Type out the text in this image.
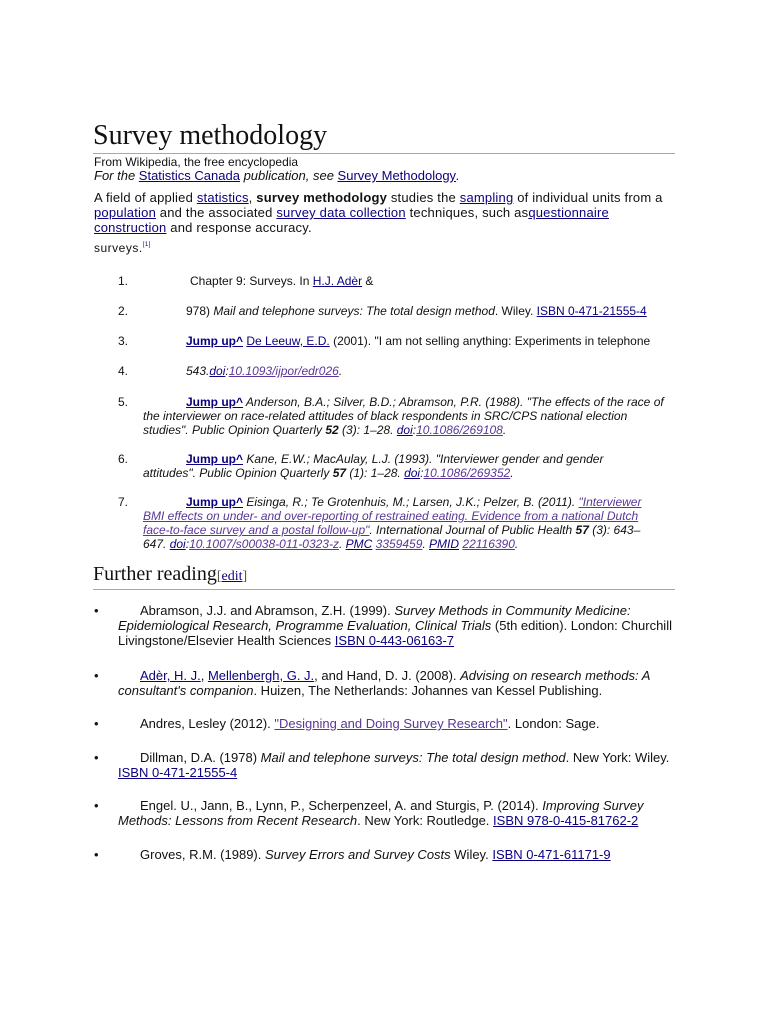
Survey methodology
From Wikipedia, the free encyclopedia
For the Statistics Canada publication, see Survey Methodology.
A field of applied statistics, survey methodology studies the sampling of individual units from a population and the associated survey data collection techniques, such asquestionnaire construction and response accuracy.
surveys.[1]
1.	Chapter 9: Surveys. In H.J. Adèr &
2.	978) Mail and telephone surveys: The total design method. Wiley. ISBN 0-471-21555-4
3.	Jump up^ De Leeuw, E.D. (2001). "I am not selling anything: Experiments in telephone
4.	543.doi:10.1093/ijpor/edr026.
5.	Jump up^ Anderson, B.A.; Silver, B.D.; Abramson, P.R. (1988). "The effects of the race of the interviewer on race-related attitudes of black respondents in SRC/CPS national election studies". Public Opinion Quarterly 52 (3): 1–28. doi:10.1086/269108.
6.	Jump up^ Kane, E.W.; MacAulay, L.J. (1993). "Interviewer gender and gender attitudes". Public Opinion Quarterly 57 (1): 1–28. doi:10.1086/269352.
7.	Jump up^ Eisinga, R.; Te Grotenhuis, M.; Larsen, J.K.; Pelzer, B. (2011). "Interviewer BMI effects on under- and over-reporting of restrained eating. Evidence from a national Dutch face-to-face survey and a postal follow-up". International Journal of Public Health 57 (3): 643–647. doi:10.1007/s00038-011-0323-z. PMC 3359459. PMID 22116390.
Further reading[edit]
•	Abramson, J.J. and Abramson, Z.H. (1999). Survey Methods in Community Medicine: Epidemiological Research, Programme Evaluation, Clinical Trials (5th edition). London: Churchill Livingstone/Elsevier Health Sciences ISBN 0-443-06163-7
•	Adèr, H. J., Mellenbergh, G. J., and Hand, D. J. (2008). Advising on research methods: A consultant's companion. Huizen, The Netherlands: Johannes van Kessel Publishing.
•	Andres, Lesley (2012). "Designing and Doing Survey Research". London: Sage.
•	Dillman, D.A. (1978) Mail and telephone surveys: The total design method. New York: Wiley. ISBN 0-471-21555-4
•	Engel. U., Jann, B., Lynn, P., Scherpenzeel, A. and Sturgis, P. (2014). Improving Survey Methods: Lessons from Recent Research. New York: Routledge. ISBN 978-0-415-81762-2
•	Groves, R.M. (1989). Survey Errors and Survey Costs Wiley. ISBN 0-471-61171-9
